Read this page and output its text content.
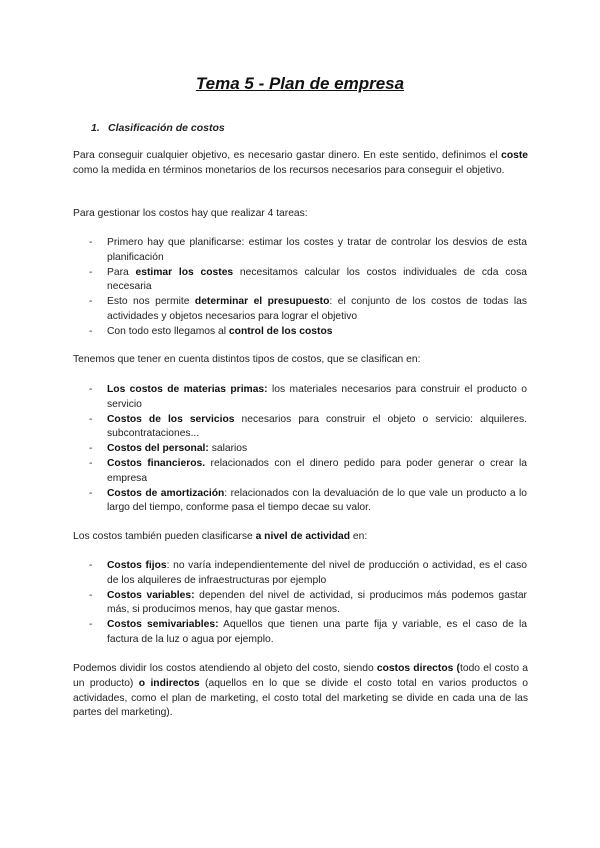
Tema 5 - Plan de empresa

1. Clasificación de costos

Para conseguir cualquier objetivo, es necesario gastar dinero. En este sentido, definimos el coste como la medida en términos monetarios de los recursos necesarios para conseguir el objetivo.

Para gestionar los costos hay que realizar 4 tareas:

- Primero hay que planificarse: estimar los costes y tratar de controlar los desvios de esta planificación
- Para estimar los costes necesitamos calcular los costos individuales de cda cosa necesaria
- Esto nos permite determinar el presupuesto: el conjunto de los costos de todas las actividades y objetos necesarios para lograr el objetivo
- Con todo esto llegamos al control de los costos

Tenemos que tener en cuenta distintos tipos de costos, que se clasifican en:

- Los costos de materias primas: los materiales necesarios para construir el producto o servicio
- Costos de los servicios necesarios para construir el objeto o servicio: alquileres. subcontrataciones...
- Costos del personal: salarios
- Costos financieros. relacionados con el dinero pedido para poder generar o crear la empresa
- Costos de amortización: relacionados con la devaluación de lo que vale un producto a lo largo del tiempo, conforme pasa el tiempo decae su valor.

Los costos también pueden clasificarse a nivel de actividad en:

- Costos fijos: no varía independientemente del nivel de producción o actividad, es el caso de los alquileres de infraestructuras por ejemplo
- Costos variables: dependen del nivel de actividad, si producimos más podemos gastar más, si producimos menos, hay que gastar menos.
- Costos semivariables: Aquellos que tienen una parte fija y variable, es el caso de la factura de la luz o agua por ejemplo.

Podemos dividir los costos atendiendo al objeto del costo, siendo costos directos (todo el costo a un producto) o indirectos (aquellos en lo que se divide el costo total en varios productos o actividades, como el plan de marketing, el costo total del marketing se divide en cada una de las partes del marketing).
